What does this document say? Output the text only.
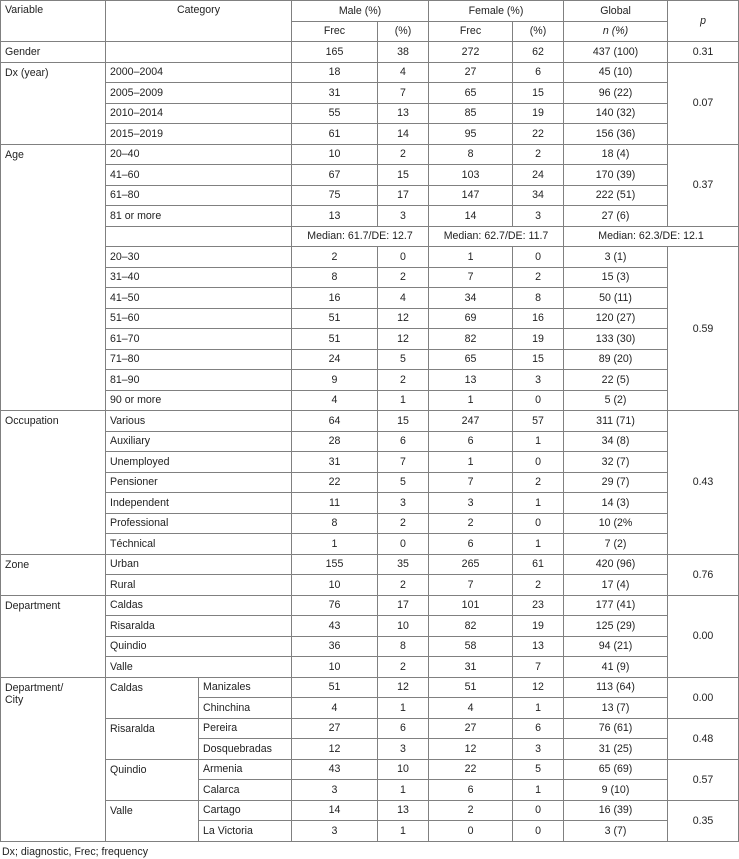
Variable	Category		Male (%)		Female (%)		Global	p
			Frec	(%)	Frec	(%)	n (%)	
Gender			165	38	272	62	437 (100)	0.31
Dx (year)	2000–2004		18	4	27	6	45 (10)	0.07
	2005–2009		31	7	65	15	96 (22)	
	2010–2014		55	13	85	19	140 (32)	
	2015–2019		61	14	95	22	156 (36)	
Age	20–40		10	2	8	2	18 (4)	0.37
	41–60		67	15	103	24	170 (39)	
	61–80		75	17	147	34	222 (51)	
	81 or more		13	3	14	3	27 (6)	
			Median: 61.7/DE: 12.7		Median: 62.7/DE: 11.7		Median: 62.3/DE: 12.1	
	20–30		2	0	1	0	3 (1)	0.59
	31–40		8	2	7	2	15 (3)	
	41–50		16	4	34	8	50 (11)	
	51–60		51	12	69	16	120 (27)	
	61–70		51	12	82	19	133 (30)	
	71–80		24	5	65	15	89 (20)	
	81–90		9	2	13	3	22 (5)	
	90 or more		4	1	1	0	5 (2)	
Occupation	Various		64	15	247	57	311 (71)	0.43
	Auxiliary		28	6	6	1	34 (8)	
	Unemployed		31	7	1	0	32 (7)	
	Pensioner		22	5	7	2	29 (7)	
	Independent		11	3	3	1	14 (3)	
	Professional		8	2	2	0	10 (2%	
	Téchnical		1	0	6	1	7 (2)	
Zone	Urban		155	35	265	61	420 (96)	0.76
	Rural		10	2	7	2	17 (4)	
Department	Caldas		76	17	101	23	177 (41)	0.00
	Risaralda		43	10	82	19	125 (29)	
	Quindio		36	8	58	13	94 (21)	
	Valle		10	2	31	7	41 (9)	
Department/
City	Caldas	Manizales	51	12	51	12	113 (64)	0.00
		Chinchina	4	1	4	1	13 (7)	
	Risaralda	Pereira	27	6	27	6	76 (61)	0.48
		Dosquebradas	12	3	12	3	31 (25)	
	Quindio	Armenia	43	10	22	5	65 (69)	0.57
		Calarca	3	1	6	1	9 (10)	
	Valle	Cartago	14	13	2	0	16 (39)	0.35
		La Victoria	3	1	0	0	3 (7)	
Dx; diagnostic, Frec; frequency
